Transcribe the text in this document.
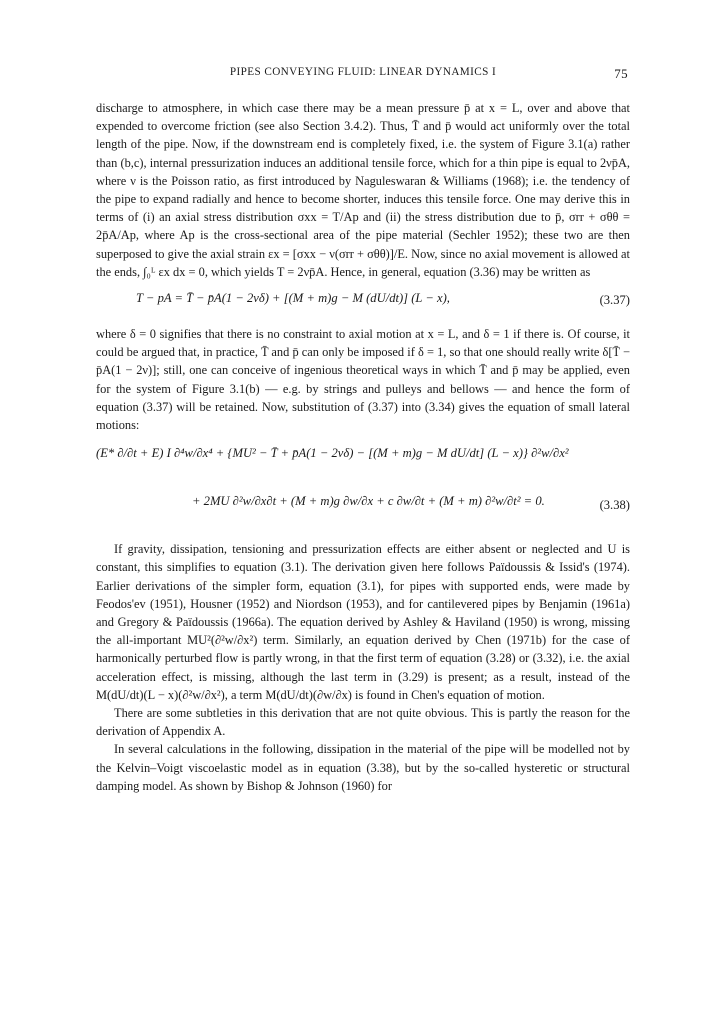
PIPES CONVEYING FLUID: LINEAR DYNAMICS I	75

discharge to atmosphere, in which case there may be a mean pressure p̄ at x = L, over and above that expended to overcome friction (see also Section 3.4.2). Thus, T̄ and p̄ would act uniformly over the total length of the pipe. Now, if the downstream end is completely fixed, i.e. the system of Figure 3.1(a) rather than (b,c), internal pressurization induces an additional tensile force, which for a thin pipe is equal to 2νp̄A, where ν is the Poisson ratio, as first introduced by Naguleswaran & Williams (1968); i.e. the tendency of the pipe to expand radially and hence to become shorter, induces this tensile force. One may derive this in terms of (i) an axial stress distribution σxx = T/Ap and (ii) the stress distribution due to p̄, σrr + σθθ = 2p̄A/Ap, where Ap is the cross-sectional area of the pipe material (Sechler 1952); these two are then superposed to give the axial strain εx = [σxx − ν(σrr + σθθ)]/E. Now, since no axial movement is allowed at the ends, ∫₀ᴸ εx dx = 0, which yields T = 2νp̄A. Hence, in general, equation (3.36) may be written as

T − pA = T̄ − p̄A(1 − 2νδ) + [(M + m)g − M (dU/dt)] (L − x),	(3.37)

where δ = 0 signifies that there is no constraint to axial motion at x = L, and δ = 1 if there is. Of course, it could be argued that, in practice, T̄ and p̄ can only be imposed if δ = 1, so that one should really write δ[T̄ − p̄A(1 − 2ν)]; still, one can conceive of ingenious theoretical ways in which T̄ and p̄ may be applied, even for the system of Figure 3.1(b) — e.g. by strings and pulleys and bellows — and hence the form of equation (3.37) will be retained. Now, substitution of (3.37) into (3.34) gives the equation of small lateral motions:

(E* ∂/∂t + E) I ∂⁴w/∂x⁴ + {MU² − T̄ + p̄A(1 − 2νδ) − [(M + m)g − M dU/dt] (L − x)} ∂²w/∂x²
+ 2MU ∂²w/∂x∂t + (M + m)g ∂w/∂x + c ∂w/∂t + (M + m) ∂²w/∂t² = 0.	(3.38)

If gravity, dissipation, tensioning and pressurization effects are either absent or neglected and U is constant, this simplifies to equation (3.1). The derivation given here follows Païdoussis & Issid's (1974). Earlier derivations of the simpler form, equation (3.1), for pipes with supported ends, were made by Feodos'ev (1951), Housner (1952) and Niordson (1953), and for cantilevered pipes by Benjamin (1961a) and Gregory & Païdoussis (1966a). The equation derived by Ashley & Haviland (1950) is wrong, missing the all-important MU²(∂²w/∂x²) term. Similarly, an equation derived by Chen (1971b) for the case of harmonically perturbed flow is partly wrong, in that the first term of equation (3.28) or (3.32), i.e. the axial acceleration effect, is missing, although the last term in (3.29) is present; as a result, instead of the M(dU/dt)(L − x)(∂²w/∂x²), a term M(dU/dt)(∂w/∂x) is found in Chen's equation of motion.

There are some subtleties in this derivation that are not quite obvious. This is partly the reason for the derivation of Appendix A.

In several calculations in the following, dissipation in the material of the pipe will be modelled not by the Kelvin–Voigt viscoelastic model as in equation (3.38), but by the so-called hysteretic or structural damping model. As shown by Bishop & Johnson (1960) for
